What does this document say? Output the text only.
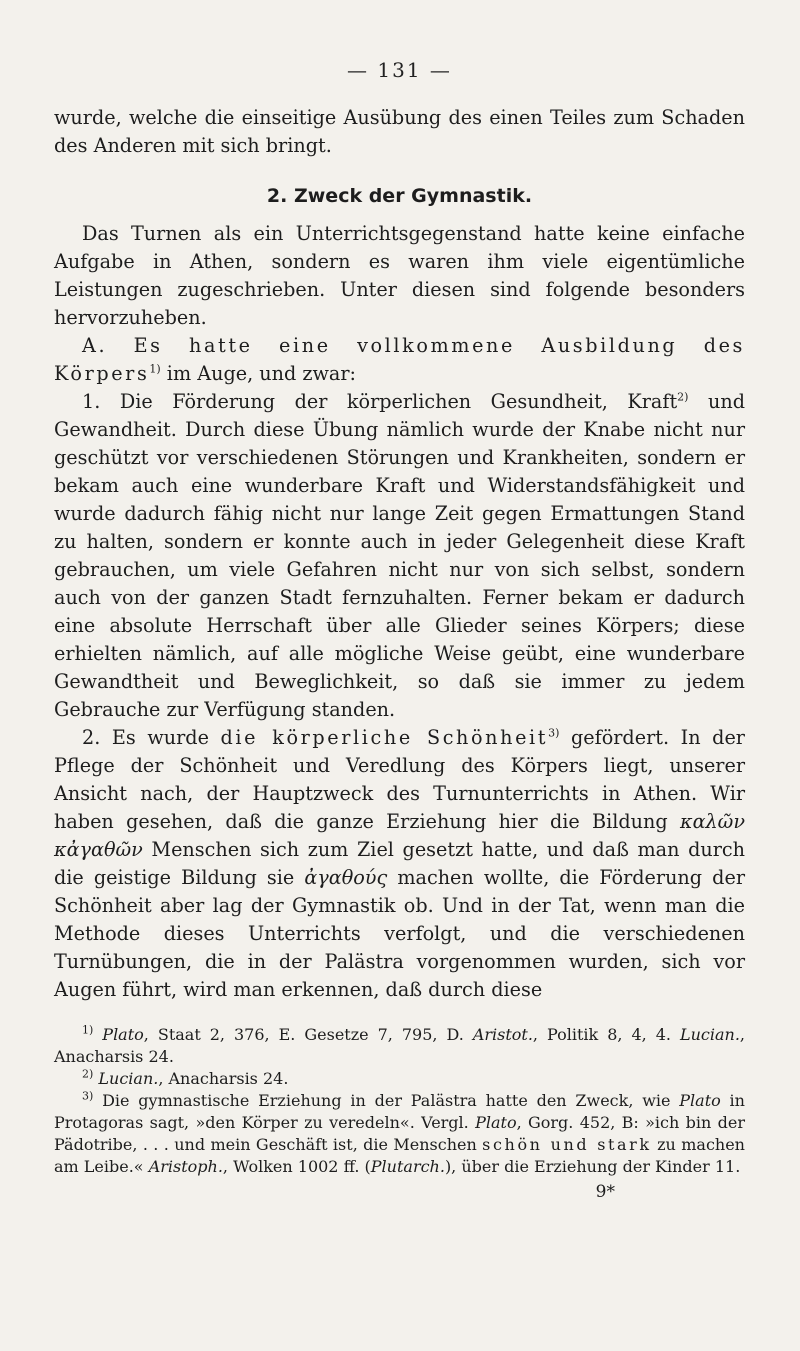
— 131 —

wurde, welche die einseitige Ausübung des einen Teiles zum Schaden des Anderen mit sich bringt.

2. Zweck der Gymnastik.

Das Turnen als ein Unterrichtsgegenstand hatte keine einfache Aufgabe in Athen, sondern es waren ihm viele eigentümliche Leistungen zugeschrieben. Unter diesen sind folgende besonders hervorzuheben.

A. Es hatte eine vollkommene Ausbildung des Körpers$^{1)}$ im Auge, und zwar:

1. Die Förderung der körperlichen Gesundheit, Kraft$^{2)}$ und Gewandheit. Durch diese Übung nämlich wurde der Knabe nicht nur geschützt vor verschiedenen Störungen und Krankheiten, sondern er bekam auch eine wunderbare Kraft und Widerstandsfähigkeit und wurde dadurch fähig nicht nur lange Zeit gegen Ermattungen Stand zu halten, sondern er konnte auch in jeder Gelegenheit diese Kraft gebrauchen, um viele Gefahren nicht nur von sich selbst, sondern auch von der ganzen Stadt fernzuhalten. Ferner bekam er dadurch eine absolute Herrschaft über alle Glieder seines Körpers; diese erhielten nämlich, auf alle mögliche Weise geübt, eine wunderbare Gewandtheit und Beweglichkeit, so daß sie immer zu jedem Gebrauche zur Verfügung standen.

2. Es wurde die körperliche Schönheit$^{3)}$ gefördert. In der Pflege der Schönheit und Veredlung des Körpers liegt, unserer Ansicht nach, der Hauptzweck des Turnunterrichts in Athen. Wir haben gesehen, daß die ganze Erziehung hier die Bildung καλῶν κἀγαθῶν Menschen sich zum Ziel gesetzt hatte, und daß man durch die geistige Bildung sie ἀγαθούς machen wollte, die Förderung der Schönheit aber lag der Gymnastik ob. Und in der Tat, wenn man die Methode dieses Unterrichts verfolgt, und die verschiedenen Turnübungen, die in der Palästra vorgenommen wurden, sich vor Augen führt, wird man erkennen, daß durch diese

$^{1)}$ Plato, Staat 2, 376, E. Gesetze 7, 795, D. Aristot., Politik 8, 4, 4. Lucian., Anacharsis 24.

$^{2)}$ Lucian., Anacharsis 24.

$^{3)}$ Die gymnastische Erziehung in der Palästra hatte den Zweck, wie Plato in Protagoras sagt, »den Körper zu veredeln«. Vergl. Plato, Gorg. 452, B: »ich bin der Pädotribe, . . . und mein Geschäft ist, die Menschen schön und stark zu machen am Leibe.« Aristoph., Wolken 1002 ff. (Plutarch.), über die Erziehung der Kinder 11.

9*
